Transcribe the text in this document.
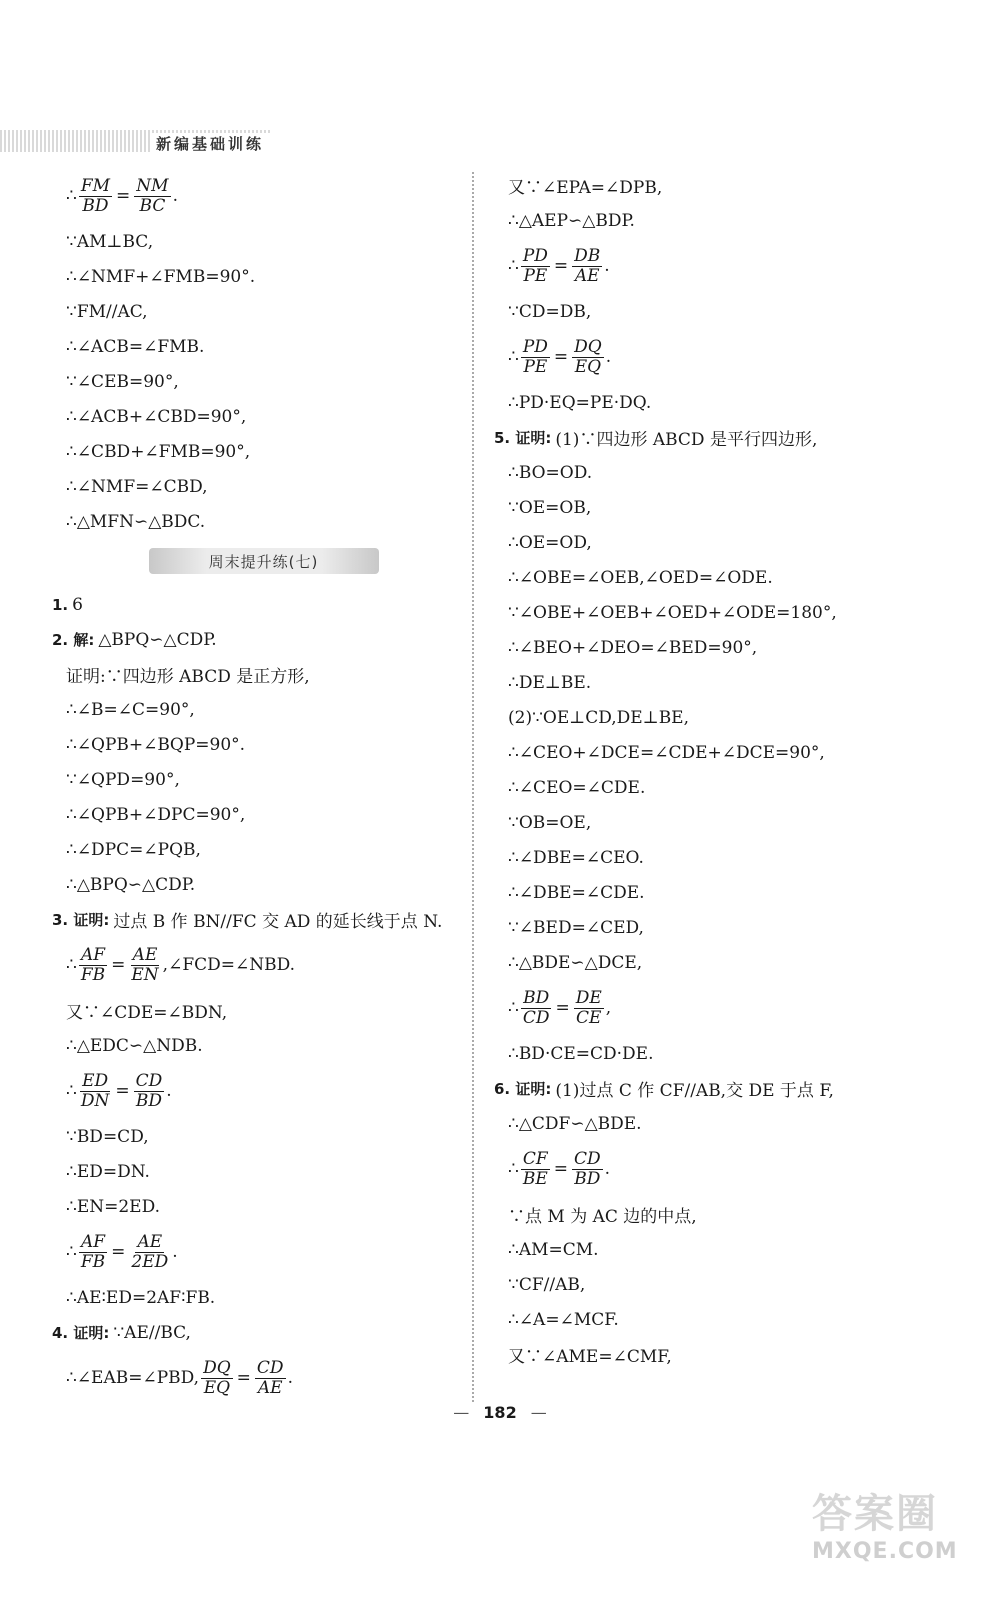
新编基础训练
∴ $\frac{FM}{BD} = \frac{NM}{BC}$ .
∵AM⊥BC,
∴∠NMF+∠FMB=90°.
∵FM//AC,
∴∠ACB=∠FMB.
∵∠CEB=90°,
∴∠ACB+∠CBD=90°,
∴∠CBD+∠FMB=90°,
∴∠NMF=∠CBD,
∴△MFN∽△BDC.
周末提升练(七)
1. 6
2. 解: △BPQ∽△CDP.
证明:∵四边形 ABCD 是正方形,
∴∠B=∠C=90°,
∴∠QPB+∠BQP=90°.
∵∠QPD=90°,
∴∠QPB+∠DPC=90°,
∴∠DPC=∠PQB,
∴△BPQ∽△CDP.
3. 证明: 过点 B 作 BN//FC 交 AD 的延长线于点 N.
∴ $\frac{AF}{FB} = \frac{AE}{EN}$ ,∠FCD=∠NBD.
又∵∠CDE=∠BDN,
∴△EDC∽△NDB.
∴ $\frac{ED}{DN} = \frac{CD}{BD}$ .
∵BD=CD,
∴ED=DN.
∴EN=2ED.
∴ $\frac{AF}{FB} = \frac{AE}{2ED}$ .
∴AE∶ED=2AF∶FB.
4. 证明: ∵AE//BC,
∴∠EAB=∠PBD, $\frac{DQ}{EQ} = \frac{CD}{AE}$ .
又∵∠EPA=∠DPB,
∴△AEP∽△BDP.
∴ $\frac{PD}{PE} = \frac{DB}{AE}$ .
∵CD=DB,
∴ $\frac{PD}{PE} = \frac{DQ}{EQ}$ .
∴PD·EQ=PE·DQ.
5. 证明: (1)∵四边形 ABCD 是平行四边形,
∴BO=OD.
∵OE=OB,
∴OE=OD,
∴∠OBE=∠OEB,∠OED=∠ODE.
∵∠OBE+∠OEB+∠OED+∠ODE=180°,
∴∠BEO+∠DEO=∠BED=90°,
∴DE⊥BE.
(2)∵OE⊥CD,DE⊥BE,
∴∠CEO+∠DCE=∠CDE+∠DCE=90°,
∴∠CEO=∠CDE.
∵OB=OE,
∴∠DBE=∠CEO.
∴∠DBE=∠CDE.
∵∠BED=∠CED,
∴△BDE∽△DCE,
∴ $\frac{BD}{CD} = \frac{DE}{CE}$ ,
∴BD·CE=CD·DE.
6. 证明: (1)过点 C 作 CF//AB,交 DE 于点 F,
∴△CDF∽△BDE.
∴ $\frac{CF}{BE} = \frac{CD}{BD}$ .
∵点 M 为 AC 边的中点,
∴AM=CM.
∵CF//AB,
∴∠A=∠MCF.
又∵∠AME=∠CMF,
— 182 —
答案圈
MXQE.COM
